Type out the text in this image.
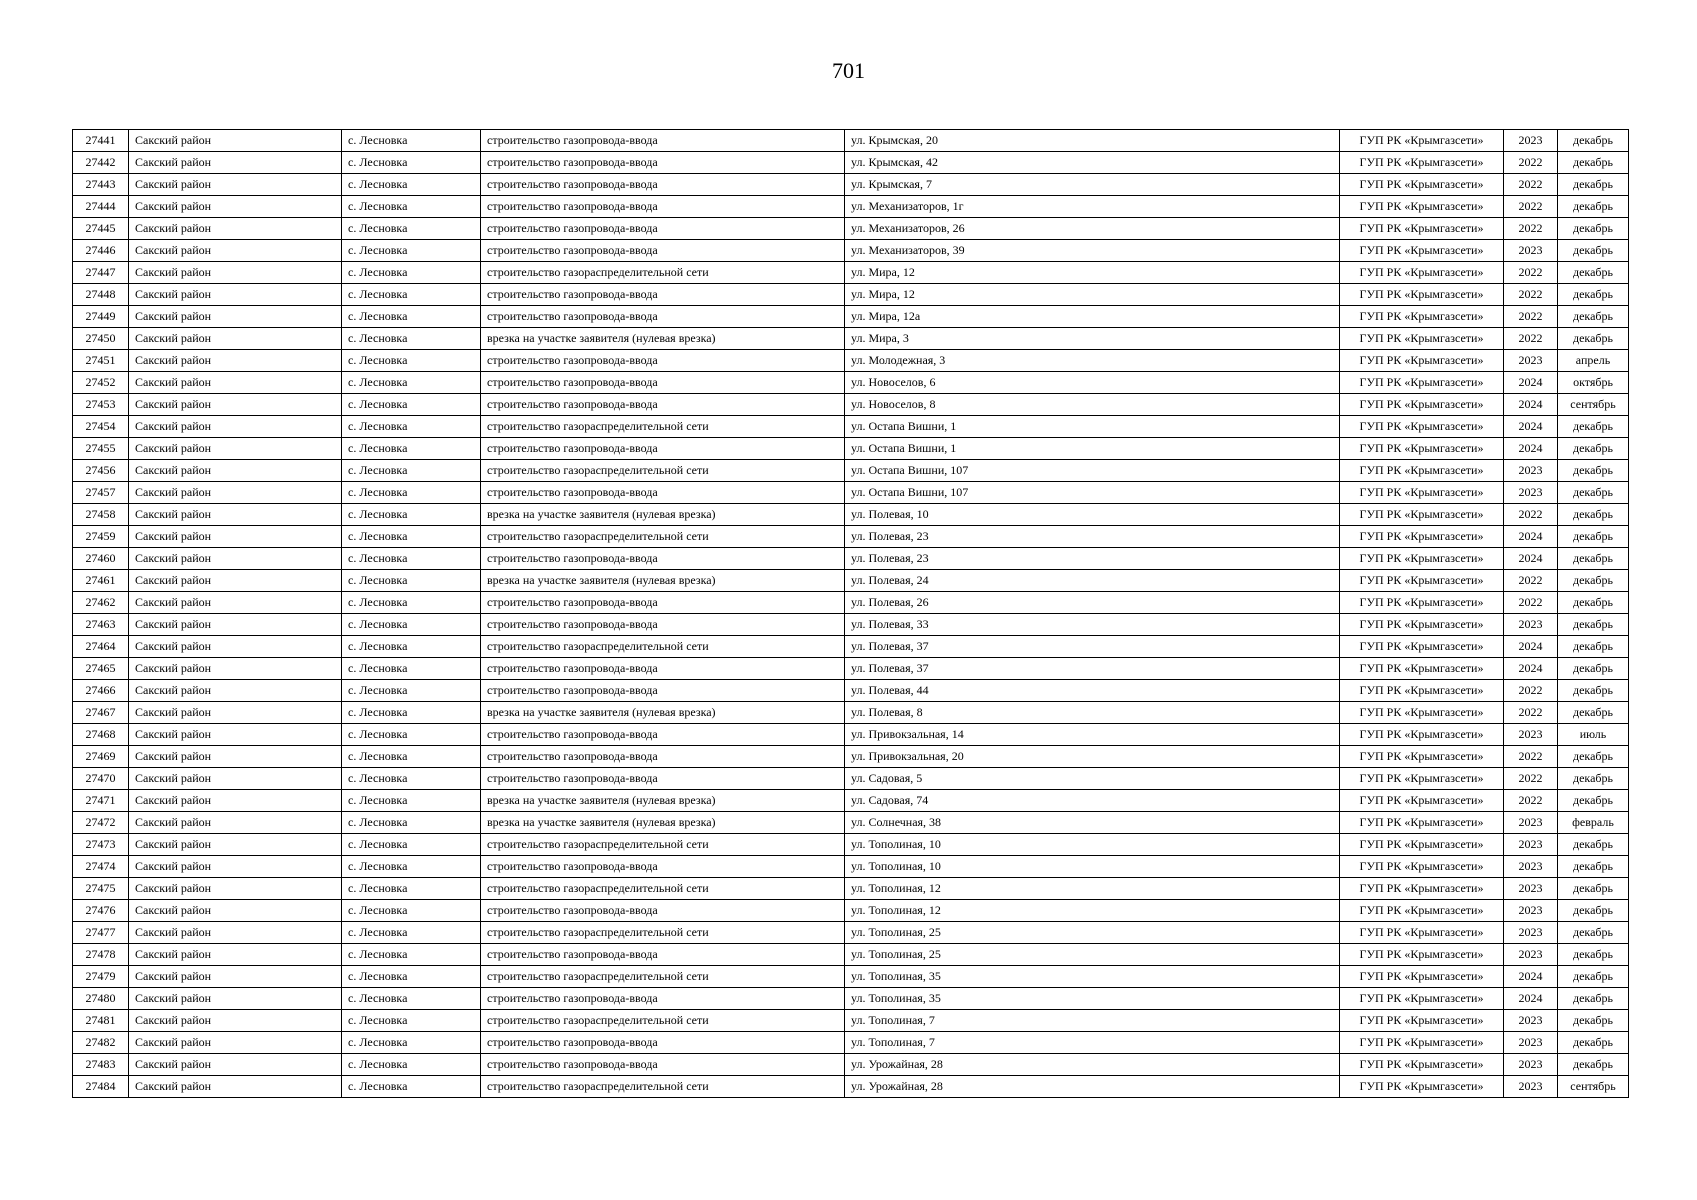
701
27441	Сакский район	с. Лесновка	строительство газопровода-ввода	ул. Крымская, 20	ГУП РК «Крымгазсети»	2023	декабрь
27442	Сакский район	с. Лесновка	строительство газопровода-ввода	ул. Крымская, 42	ГУП РК «Крымгазсети»	2022	декабрь
27443	Сакский район	с. Лесновка	строительство газопровода-ввода	ул. Крымская, 7	ГУП РК «Крымгазсети»	2022	декабрь
27444	Сакский район	с. Лесновка	строительство газопровода-ввода	ул. Механизаторов, 1г	ГУП РК «Крымгазсети»	2022	декабрь
27445	Сакский район	с. Лесновка	строительство газопровода-ввода	ул. Механизаторов, 26	ГУП РК «Крымгазсети»	2022	декабрь
27446	Сакский район	с. Лесновка	строительство газопровода-ввода	ул. Механизаторов, 39	ГУП РК «Крымгазсети»	2023	декабрь
27447	Сакский район	с. Лесновка	строительство газораспределительной сети	ул. Мира, 12	ГУП РК «Крымгазсети»	2022	декабрь
27448	Сакский район	с. Лесновка	строительство газопровода-ввода	ул. Мира, 12	ГУП РК «Крымгазсети»	2022	декабрь
27449	Сакский район	с. Лесновка	строительство газопровода-ввода	ул. Мира, 12а	ГУП РК «Крымгазсети»	2022	декабрь
27450	Сакский район	с. Лесновка	врезка на участке заявителя (нулевая врезка)	ул. Мира, 3	ГУП РК «Крымгазсети»	2022	декабрь
27451	Сакский район	с. Лесновка	строительство газопровода-ввода	ул. Молодежная, 3	ГУП РК «Крымгазсети»	2023	апрель
27452	Сакский район	с. Лесновка	строительство газопровода-ввода	ул. Новоселов, 6	ГУП РК «Крымгазсети»	2024	октябрь
27453	Сакский район	с. Лесновка	строительство газопровода-ввода	ул. Новоселов, 8	ГУП РК «Крымгазсети»	2024	сентябрь
27454	Сакский район	с. Лесновка	строительство газораспределительной сети	ул. Остапа Вишни, 1	ГУП РК «Крымгазсети»	2024	декабрь
27455	Сакский район	с. Лесновка	строительство газопровода-ввода	ул. Остапа Вишни, 1	ГУП РК «Крымгазсети»	2024	декабрь
27456	Сакский район	с. Лесновка	строительство газораспределительной сети	ул. Остапа Вишни, 107	ГУП РК «Крымгазсети»	2023	декабрь
27457	Сакский район	с. Лесновка	строительство газопровода-ввода	ул. Остапа Вишни, 107	ГУП РК «Крымгазсети»	2023	декабрь
27458	Сакский район	с. Лесновка	врезка на участке заявителя (нулевая врезка)	ул. Полевая, 10	ГУП РК «Крымгазсети»	2022	декабрь
27459	Сакский район	с. Лесновка	строительство газораспределительной сети	ул. Полевая, 23	ГУП РК «Крымгазсети»	2024	декабрь
27460	Сакский район	с. Лесновка	строительство газопровода-ввода	ул. Полевая, 23	ГУП РК «Крымгазсети»	2024	декабрь
27461	Сакский район	с. Лесновка	врезка на участке заявителя (нулевая врезка)	ул. Полевая, 24	ГУП РК «Крымгазсети»	2022	декабрь
27462	Сакский район	с. Лесновка	строительство газопровода-ввода	ул. Полевая, 26	ГУП РК «Крымгазсети»	2022	декабрь
27463	Сакский район	с. Лесновка	строительство газопровода-ввода	ул. Полевая, 33	ГУП РК «Крымгазсети»	2023	декабрь
27464	Сакский район	с. Лесновка	строительство газораспределительной сети	ул. Полевая, 37	ГУП РК «Крымгазсети»	2024	декабрь
27465	Сакский район	с. Лесновка	строительство газопровода-ввода	ул. Полевая, 37	ГУП РК «Крымгазсети»	2024	декабрь
27466	Сакский район	с. Лесновка	строительство газопровода-ввода	ул. Полевая, 44	ГУП РК «Крымгазсети»	2022	декабрь
27467	Сакский район	с. Лесновка	врезка на участке заявителя (нулевая врезка)	ул. Полевая, 8	ГУП РК «Крымгазсети»	2022	декабрь
27468	Сакский район	с. Лесновка	строительство газопровода-ввода	ул. Привокзальная, 14	ГУП РК «Крымгазсети»	2023	июль
27469	Сакский район	с. Лесновка	строительство газопровода-ввода	ул. Привокзальная, 20	ГУП РК «Крымгазсети»	2022	декабрь
27470	Сакский район	с. Лесновка	строительство газопровода-ввода	ул. Садовая, 5	ГУП РК «Крымгазсети»	2022	декабрь
27471	Сакский район	с. Лесновка	врезка на участке заявителя (нулевая врезка)	ул. Садовая, 74	ГУП РК «Крымгазсети»	2022	декабрь
27472	Сакский район	с. Лесновка	врезка на участке заявителя (нулевая врезка)	ул. Солнечная, 38	ГУП РК «Крымгазсети»	2023	февраль
27473	Сакский район	с. Лесновка	строительство газораспределительной сети	ул. Тополиная, 10	ГУП РК «Крымгазсети»	2023	декабрь
27474	Сакский район	с. Лесновка	строительство газопровода-ввода	ул. Тополиная, 10	ГУП РК «Крымгазсети»	2023	декабрь
27475	Сакский район	с. Лесновка	строительство газораспределительной сети	ул. Тополиная, 12	ГУП РК «Крымгазсети»	2023	декабрь
27476	Сакский район	с. Лесновка	строительство газопровода-ввода	ул. Тополиная, 12	ГУП РК «Крымгазсети»	2023	декабрь
27477	Сакский район	с. Лесновка	строительство газораспределительной сети	ул. Тополиная, 25	ГУП РК «Крымгазсети»	2023	декабрь
27478	Сакский район	с. Лесновка	строительство газопровода-ввода	ул. Тополиная, 25	ГУП РК «Крымгазсети»	2023	декабрь
27479	Сакский район	с. Лесновка	строительство газораспределительной сети	ул. Тополиная, 35	ГУП РК «Крымгазсети»	2024	декабрь
27480	Сакский район	с. Лесновка	строительство газопровода-ввода	ул. Тополиная, 35	ГУП РК «Крымгазсети»	2024	декабрь
27481	Сакский район	с. Лесновка	строительство газораспределительной сети	ул. Тополиная, 7	ГУП РК «Крымгазсети»	2023	декабрь
27482	Сакский район	с. Лесновка	строительство газопровода-ввода	ул. Тополиная, 7	ГУП РК «Крымгазсети»	2023	декабрь
27483	Сакский район	с. Лесновка	строительство газопровода-ввода	ул. Урожайная, 28	ГУП РК «Крымгазсети»	2023	декабрь
27484	Сакский район	с. Лесновка	строительство газораспределительной сети	ул. Урожайная, 28	ГУП РК «Крымгазсети»	2023	сентябрь
